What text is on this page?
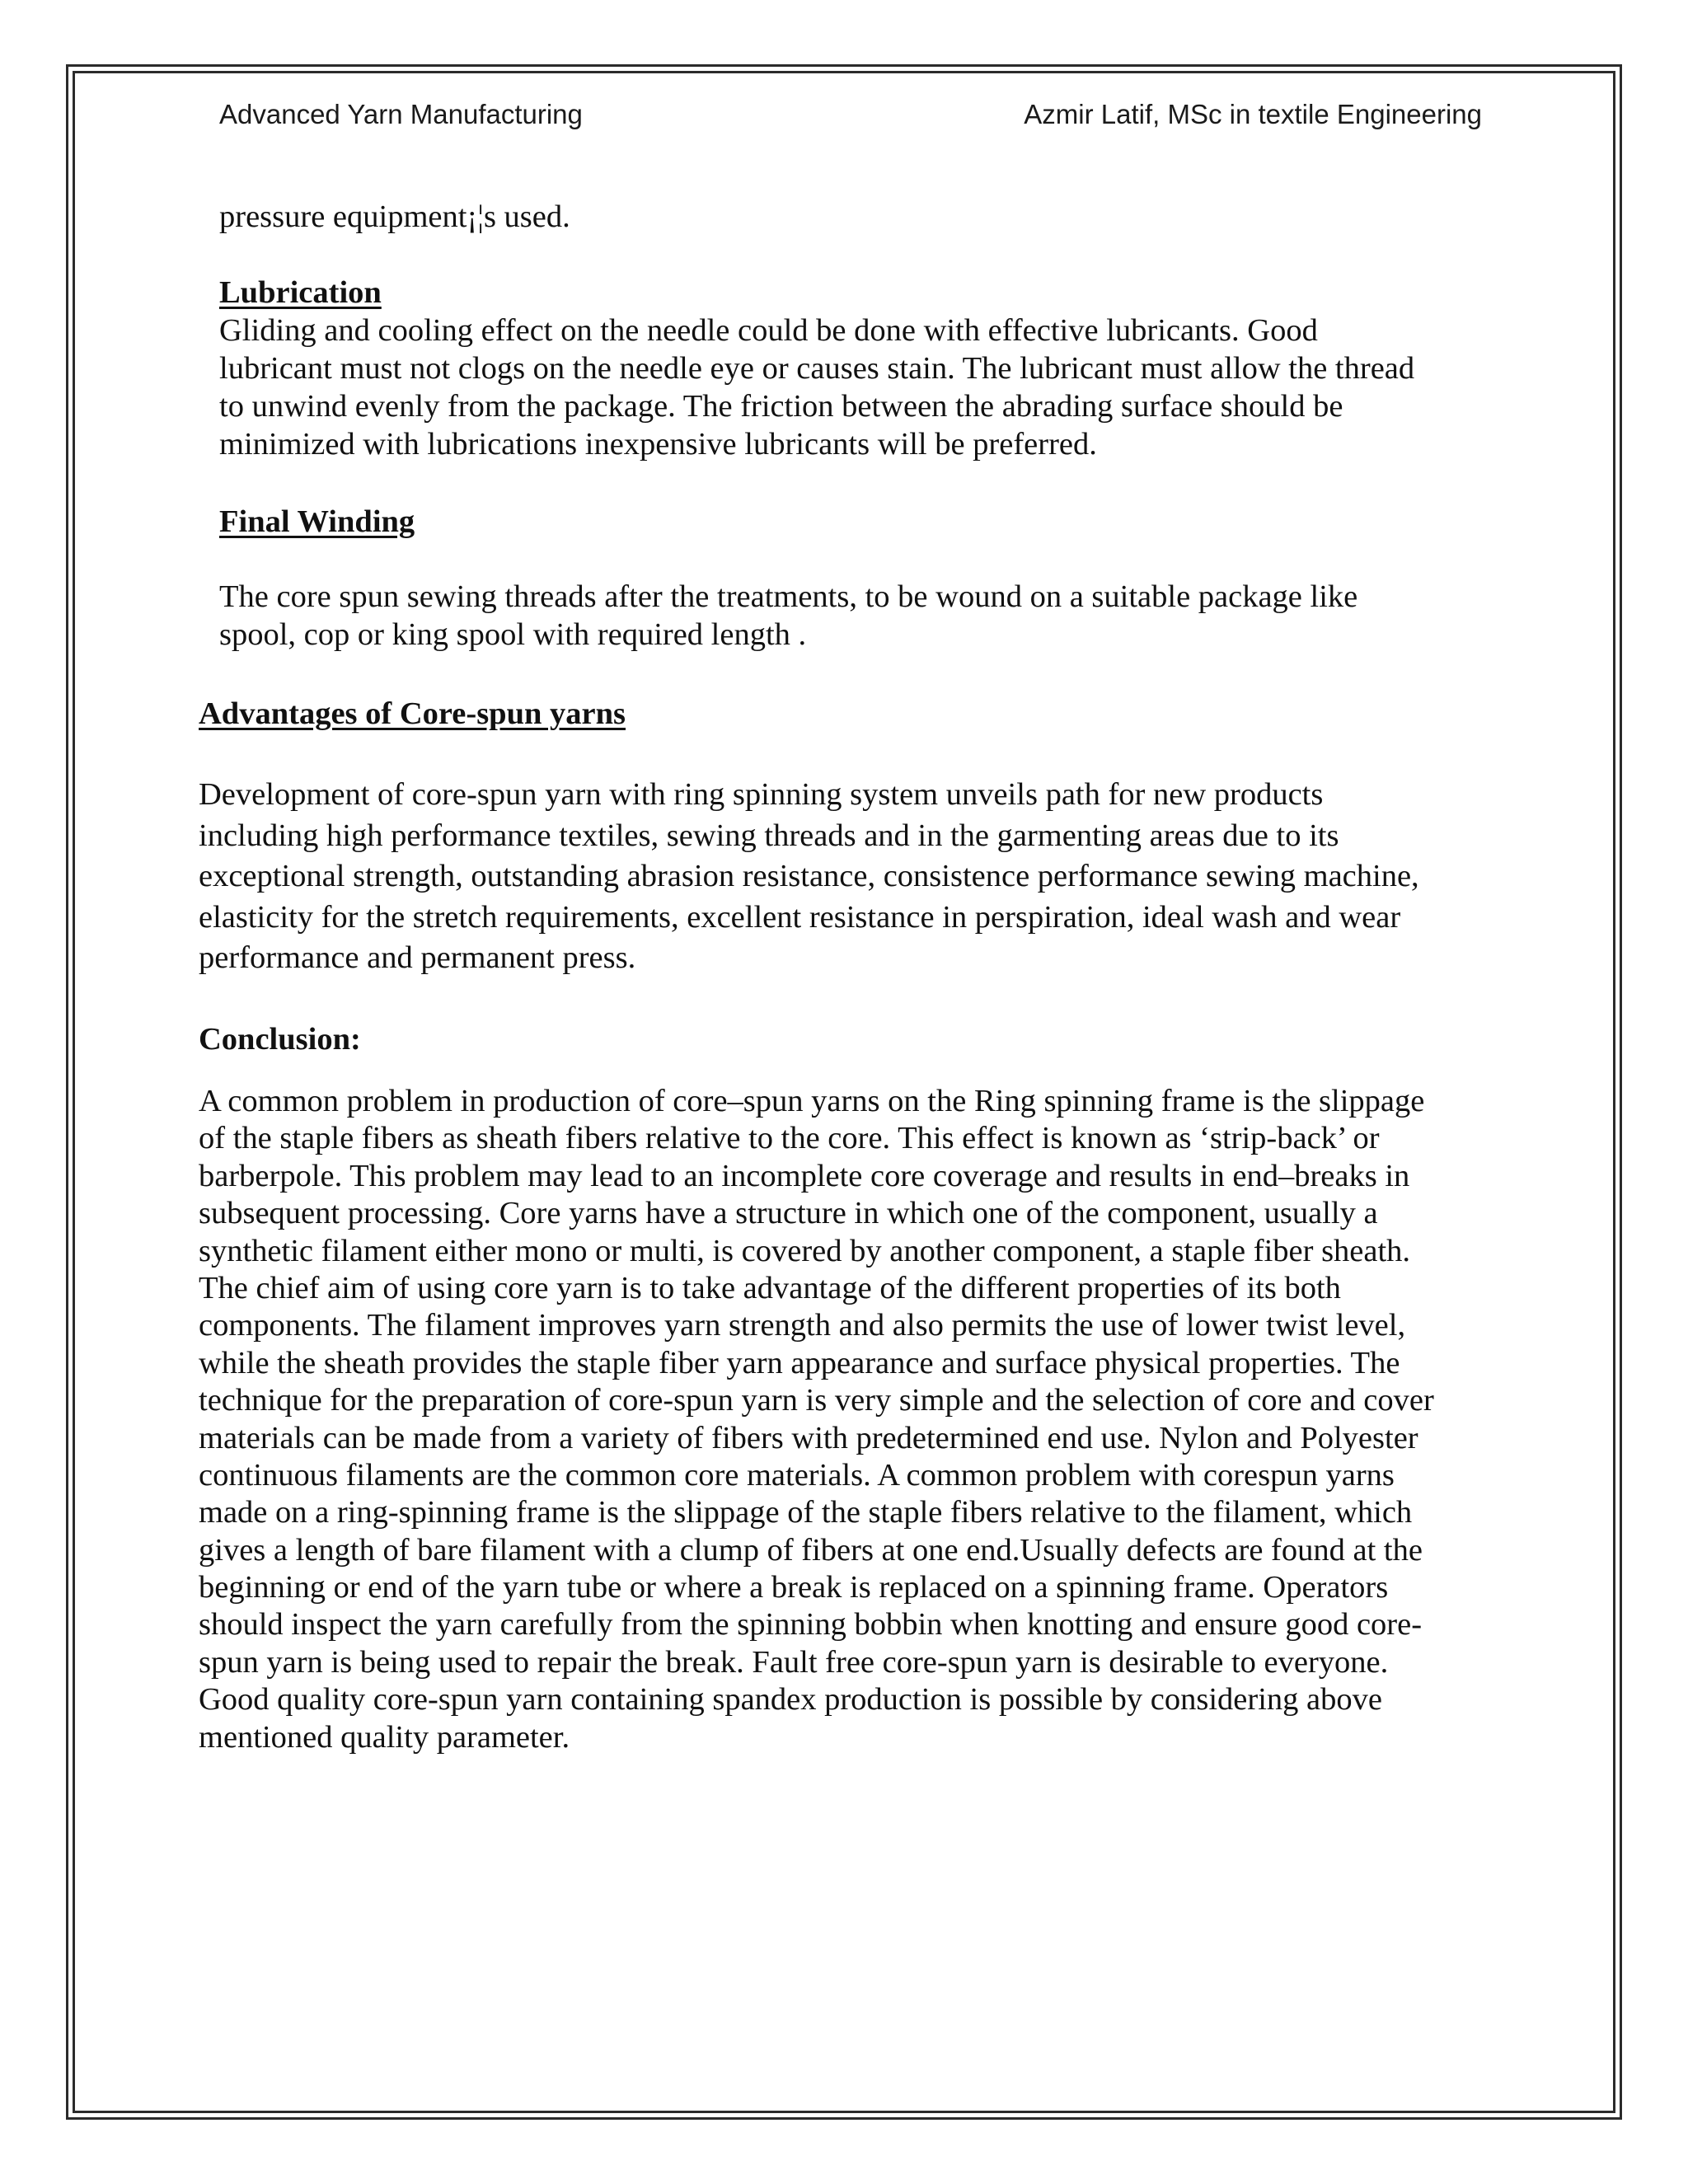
Advanced Yarn Manufacturing	Azmir Latif, MSc in textile Engineering
pressure equipment¡¦s used.
Lubrication
Gliding and cooling effect on the needle could be done with effective lubricants. Good
lubricant must not clogs on the needle eye or causes stain. The lubricant must allow the thread
to unwind evenly from the package. The friction between the abrading surface should be
minimized with lubrications inexpensive lubricants will be preferred.
Final Winding
The core spun sewing threads after the treatments, to be wound on a suitable package like
spool, cop or king spool with required length .
Advantages of Core-spun yarns
Development of core-spun yarn with ring spinning system unveils path for new products
including high performance textiles, sewing threads and in the garmenting areas due to its
exceptional strength, outstanding abrasion resistance, consistence performance sewing machine,
elasticity for the stretch requirements, excellent resistance in perspiration, ideal wash and wear
performance and permanent press.
Conclusion:
A common problem in production of core–spun yarns on the Ring spinning frame is the slippage
of the staple fibers as sheath fibers relative to the core. This effect is known as ‘strip-back’ or
barberpole. This problem may lead to an incomplete core coverage and results in end–breaks in
subsequent processing. Core yarns have a structure in which one of the component, usually a
synthetic filament either mono or multi, is covered by another component, a staple fiber sheath.
The chief aim of using core yarn is to take advantage of the different properties of its both
components. The filament improves yarn strength and also permits the use of lower twist level,
while the sheath provides the staple fiber yarn appearance and surface physical properties. The
technique for the preparation of core-spun yarn is very simple and the selection of core and cover
materials can be made from a variety of fibers with predetermined end use. Nylon and Polyester
continuous filaments are the common core materials. A common problem with corespun yarns
made on a ring-spinning frame is the slippage of the staple fibers relative to the filament, which
gives a length of bare filament with a clump of fibers at one end.Usually defects are found at the
beginning or end of the yarn tube or where a break is replaced on a spinning frame. Operators
should inspect the yarn carefully from the spinning bobbin when knotting and ensure good core-
spun yarn is being used to repair the break. Fault free core-spun yarn is desirable to everyone.
Good quality core-spun yarn containing spandex production is possible by considering above
mentioned quality parameter.
